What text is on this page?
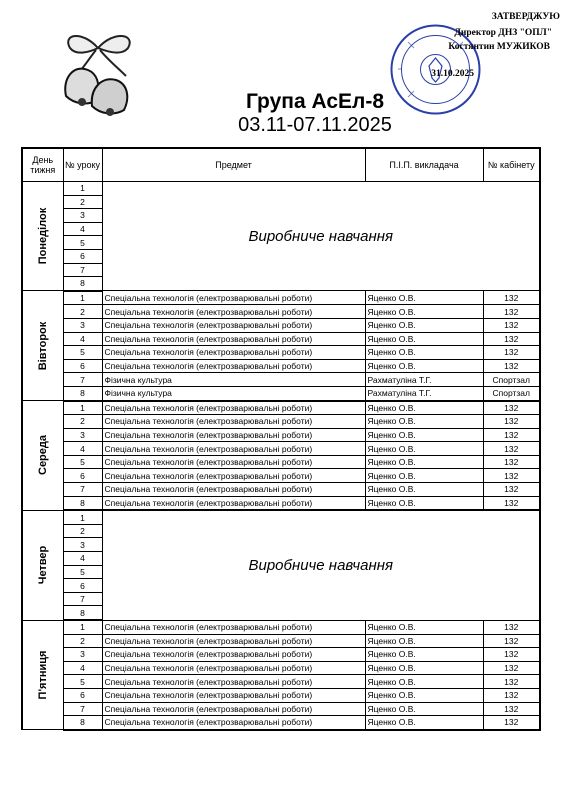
ЗАТВЕРДЖУЮ
Директор ДНЗ "ОПЛ"
Костянтин МУЖИКОВ
31.10.2025
Група АсЕл-8
03.11-07.11.2025
День тижня	№ уроку	Предмет	П.І.П. викладача	№ кабінету

Понеділок	1	Виробниче навчання		
	2			
	3			
	4			
	5			
	6			
	7			
	8			

Вівторок	1	Спеціальна технологія (електрозварювальні роботи)	Яценко О.В.	132
	2	Спеціальна технологія (електрозварювальні роботи)	Яценко О.В.	132
	3	Спеціальна технологія (електрозварювальні роботи)	Яценко О.В.	132
	4	Спеціальна технологія (електрозварювальні роботи)	Яценко О.В.	132
	5	Спеціальна технологія (електрозварювальні роботи)	Яценко О.В.	132
	6	Спеціальна технологія (електрозварювальні роботи)	Яценко О.В.	132
	7	Фізична культура	Рахматуліна Т.Г.	Спортзал
	8	Фізична культура	Рахматуліна Т.Г.	Спортзал

Середа	1	Спеціальна технологія (електрозварювальні роботи)	Яценко О.В.	132
	2	Спеціальна технологія (електрозварювальні роботи)	Яценко О.В.	132
	3	Спеціальна технологія (електрозварювальні роботи)	Яценко О.В.	132
	4	Спеціальна технологія (електрозварювальні роботи)	Яценко О.В.	132
	5	Спеціальна технологія (електрозварювальні роботи)	Яценко О.В.	132
	6	Спеціальна технологія (електрозварювальні роботи)	Яценко О.В.	132
	7	Спеціальна технологія (електрозварювальні роботи)	Яценко О.В.	132
	8	Спеціальна технологія (електрозварювальні роботи)	Яценко О.В.	132

Четвер	1	Виробниче навчання		
	2			
	3			
	4			
	5			
	6			
	7			
	8			

П'ятниця	1	Спеціальна технологія (електрозварювальні роботи)	Яценко О.В.	132
	2	Спеціальна технологія (електрозварювальні роботи)	Яценко О.В.	132
	3	Спеціальна технологія (електрозварювальні роботи)	Яценко О.В.	132
	4	Спеціальна технологія (електрозварювальні роботи)	Яценко О.В.	132
	5	Спеціальна технологія (електрозварювальні роботи)	Яценко О.В.	132
	6	Спеціальна технологія (електрозварювальні роботи)	Яценко О.В.	132
	7	Спеціальна технологія (електрозварювальні роботи)	Яценко О.В.	132
	8	Спеціальна технологія (електрозварювальні роботи)	Яценко О.В.	132
